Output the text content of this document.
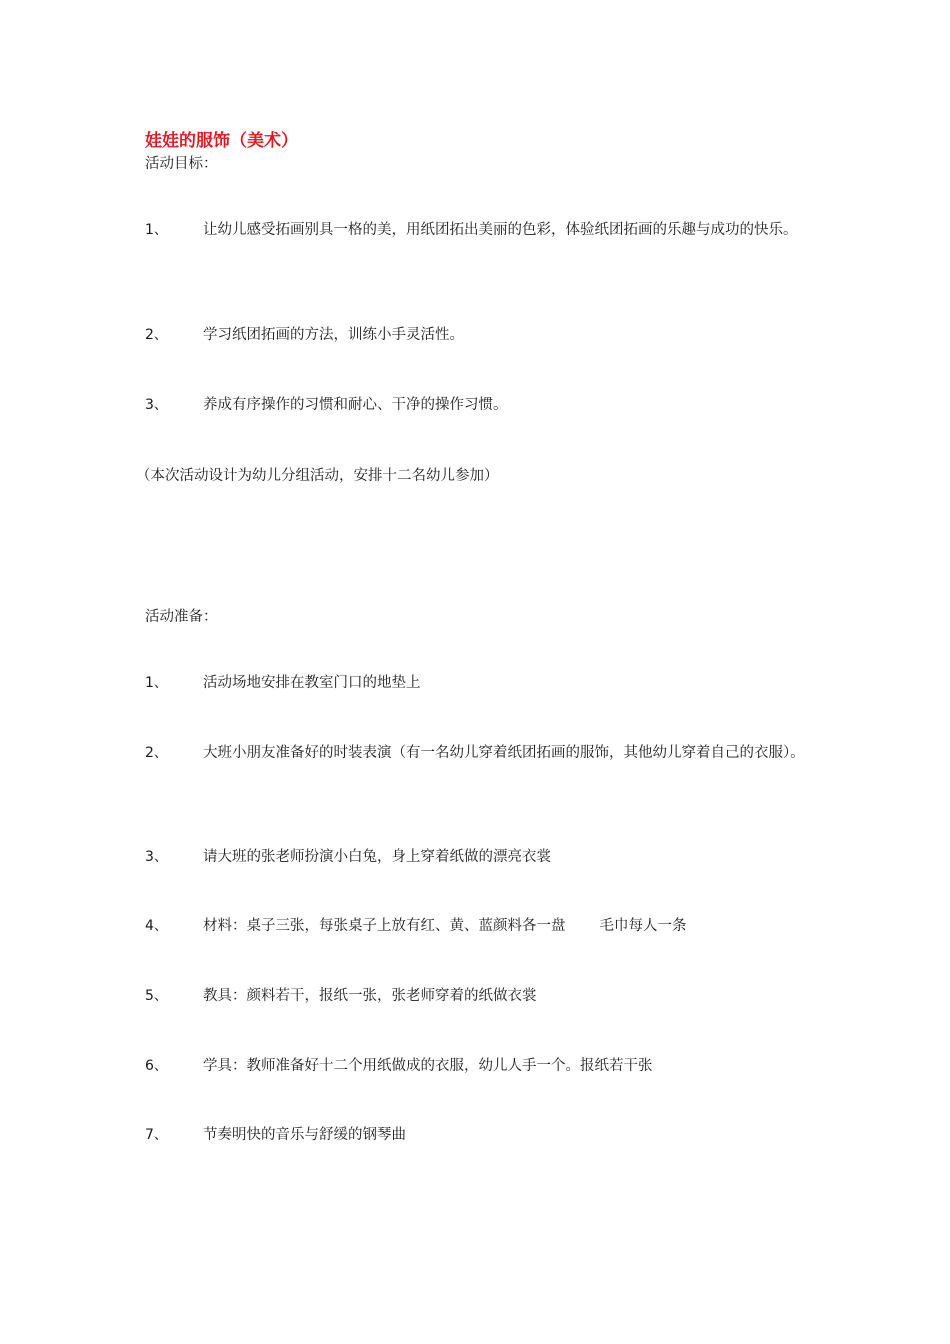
娃娃的服饰（美术）
活动目标：
1、	让幼儿感受拓画别具一格的美，用纸团拓出美丽的色彩，体验纸团拓画的乐趣与成功的快乐。

2、	学习纸团拓画的方法，训练小手灵活性。

3、	养成有序操作的习惯和耐心、干净的操作习惯。

（本次活动设计为幼儿分组活动，安排十二名幼儿参加）
活动准备：
1、	活动场地安排在教室门口的地垫上

2、	大班小朋友准备好的时装表演（有一名幼儿穿着纸团拓画的服饰，其他幼儿穿着自己的衣服）。

3、	请大班的张老师扮演小白兔，身上穿着纸做的漂亮衣裳

4、	材料：桌子三张，每张桌子上放有红、黄、蓝颜料各一盘 毛巾每人一条

5、	教具：颜料若干，报纸一张，张老师穿着的纸做衣裳

6、	学具：教师准备好十二个用纸做成的衣服，幼儿人手一个。报纸若干张

7、	节奏明快的音乐与舒缓的钢琴曲
